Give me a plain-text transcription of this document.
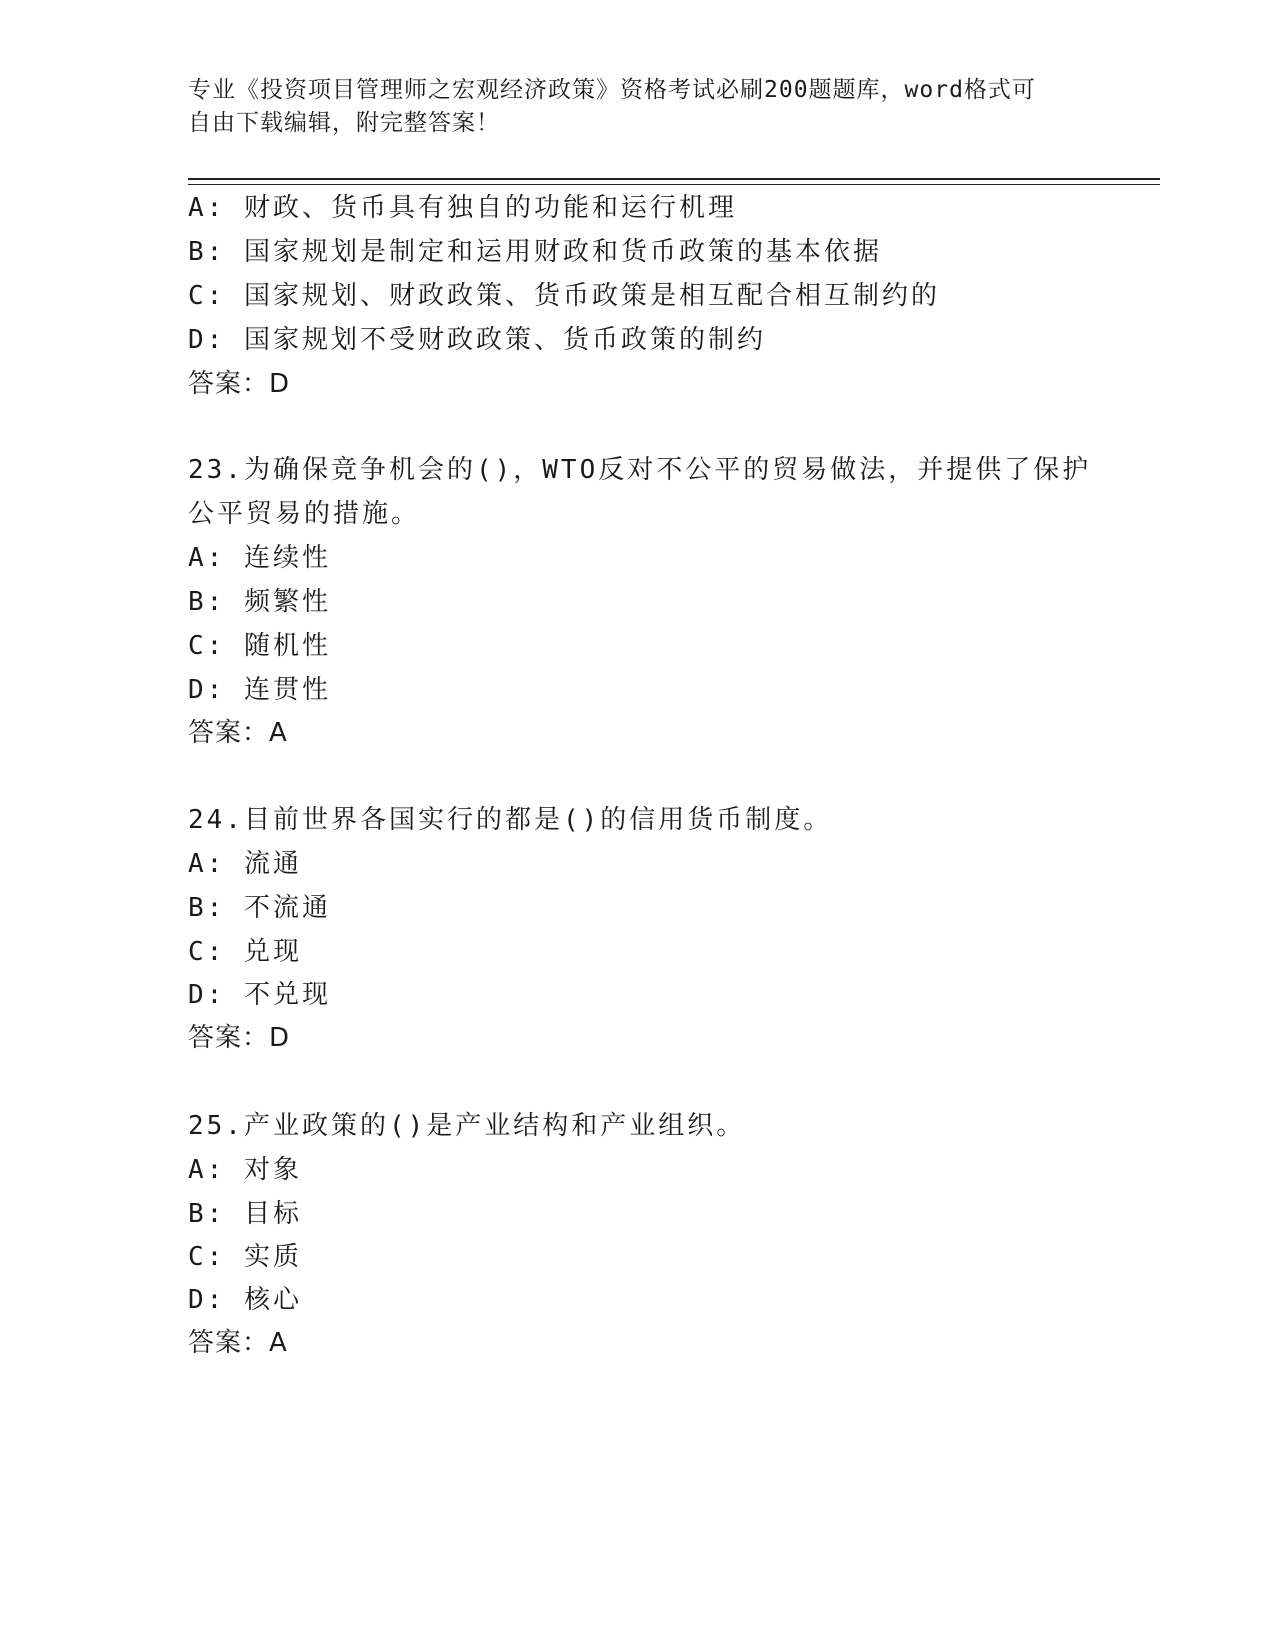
专业《投资项目管理师之宏观经济政策》资格考试必刷200题题库，word格式可

自由下载编辑，附完整答案！

A: 财政、货币具有独自的功能和运行机理
B: 国家规划是制定和运用财政和货币政策的基本依据
C: 国家规划、财政政策、货币政策是相互配合相互制约的
D: 国家规划不受财政政策、货币政策的制约
答案：D
23.为确保竞争机会的()，WTO反对不公平的贸易做法，并提供了保护
公平贸易的措施。
A: 连续性
B: 频繁性
C: 随机性
D: 连贯性
答案：A
24.目前世界各国实行的都是()的信用货币制度。
A: 流通
B: 不流通
C: 兑现
D: 不兑现
答案：D
25.产业政策的()是产业结构和产业组织。
A: 对象
B: 目标
C: 实质
D: 核心
答案：A
